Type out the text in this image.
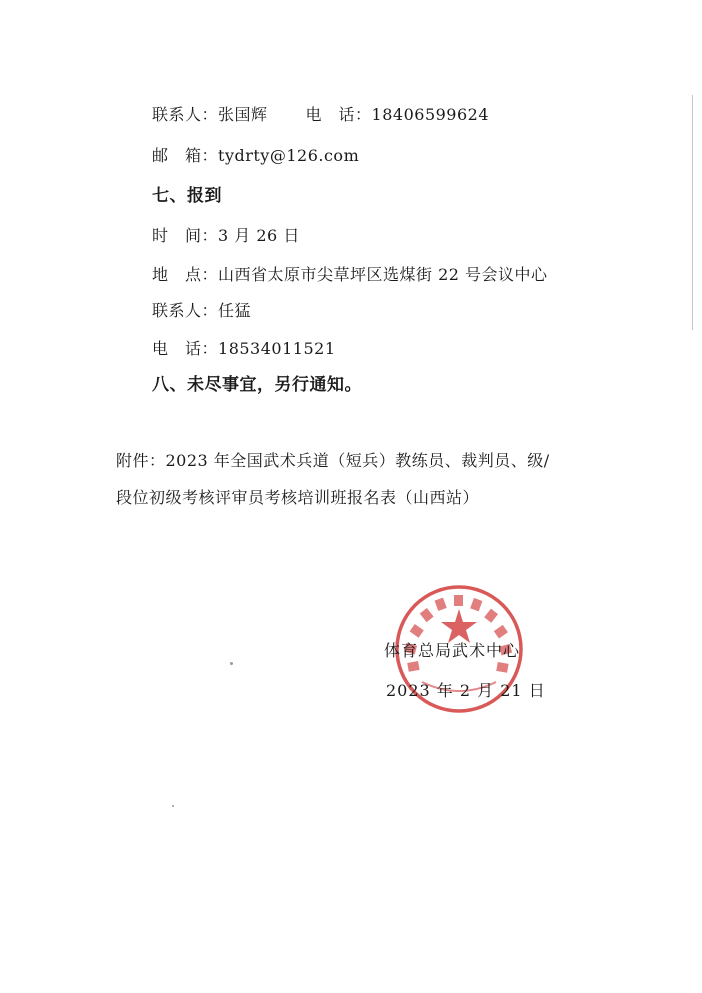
联系人：张国辉 电　话：18406599624
邮　箱：tydrty@126.com
七、报到
时　间：3 月 26 日
地　点：山西省太原市尖草坪区选煤街 22 号会议中心
联系人：任猛
电　话：18534011521
八、未尽事宜，另行通知。
附件：2023 年全国武术兵道（短兵）教练员、裁判员、级/
段位初级考核评审员考核培训班报名表（山西站）
体育总局武术中心
2023 年 2 月 21 日
